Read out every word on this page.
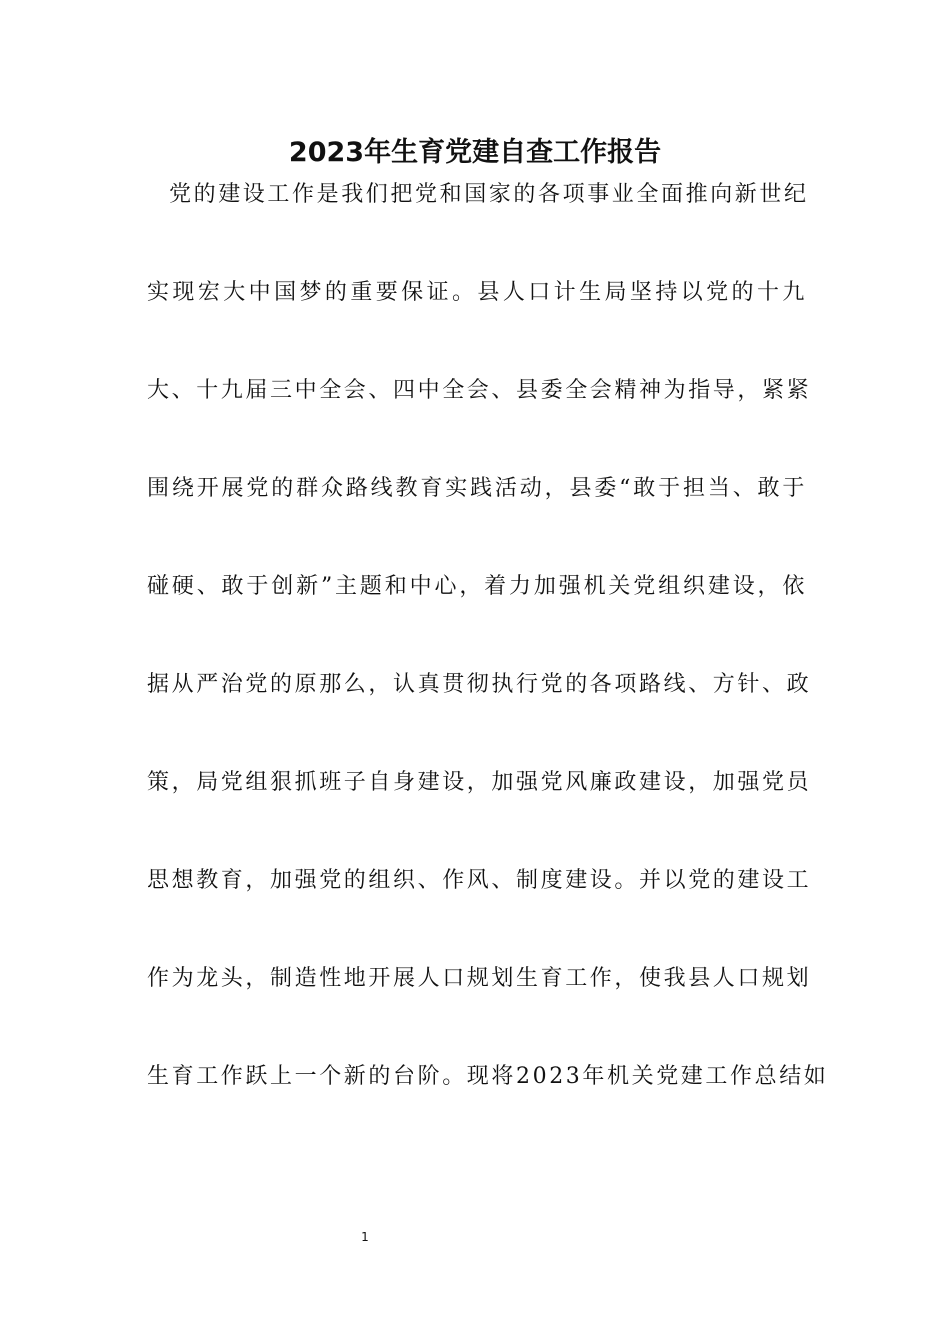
2023年生育党建自查工作报告
党的建设工作是我们把党和国家的各项事业全面推向新世纪
实现宏大中国梦的重要保证。县人口计生局坚持以党的十九
大、十九届三中全会、四中全会、县委全会精神为指导，紧紧
围绕开展党的群众路线教育实践活动，县委“敢于担当、敢于
碰硬、敢于创新”主题和中心，着力加强机关党组织建设，依
据从严治党的原那么，认真贯彻执行党的各项路线、方针、政
策，局党组狠抓班子自身建设，加强党风廉政建设，加强党员
思想教育，加强党的组织、作风、制度建设。并以党的建设工
作为龙头，制造性地开展人口规划生育工作，使我县人口规划
生育工作跃上一个新的台阶。现将2023年机关党建工作总结如
1
